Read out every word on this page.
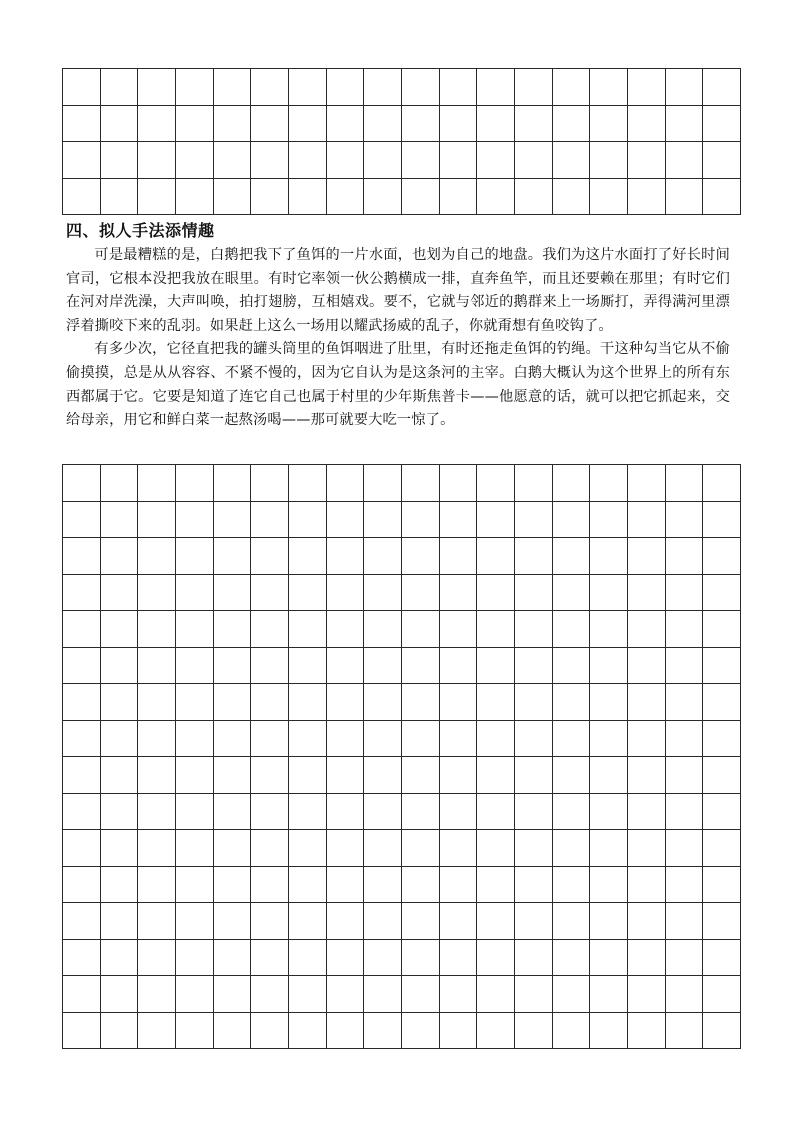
四、拟人手法添情趣

可是最糟糕的是，白鹅把我下了鱼饵的一片水面，也划为自己的地盘。我们为这片水面打了好长时间官司，它根本没把我放在眼里。有时它率领一伙公鹅横成一排，直奔鱼竿，而且还要赖在那里；有时它们在河对岸洗澡，大声叫唤，拍打翅膀，互相嬉戏。要不，它就与邻近的鹅群来上一场厮打，弄得满河里漂浮着撕咬下来的乱羽。如果赶上这么一场用以耀武扬威的乱子，你就甭想有鱼咬钩了。

有多少次，它径直把我的罐头筒里的鱼饵咽进了肚里，有时还拖走鱼饵的钓绳。干这种勾当它从不偷偷摸摸，总是从从容容、不紧不慢的，因为它自认为是这条河的主宰。白鹅大概认为这个世界上的所有东西都属于它。它要是知道了连它自己也属于村里的少年斯焦普卡——他愿意的话，就可以把它抓起来，交给母亲，用它和鲜白菜一起熬汤喝——那可就要大吃一惊了。
